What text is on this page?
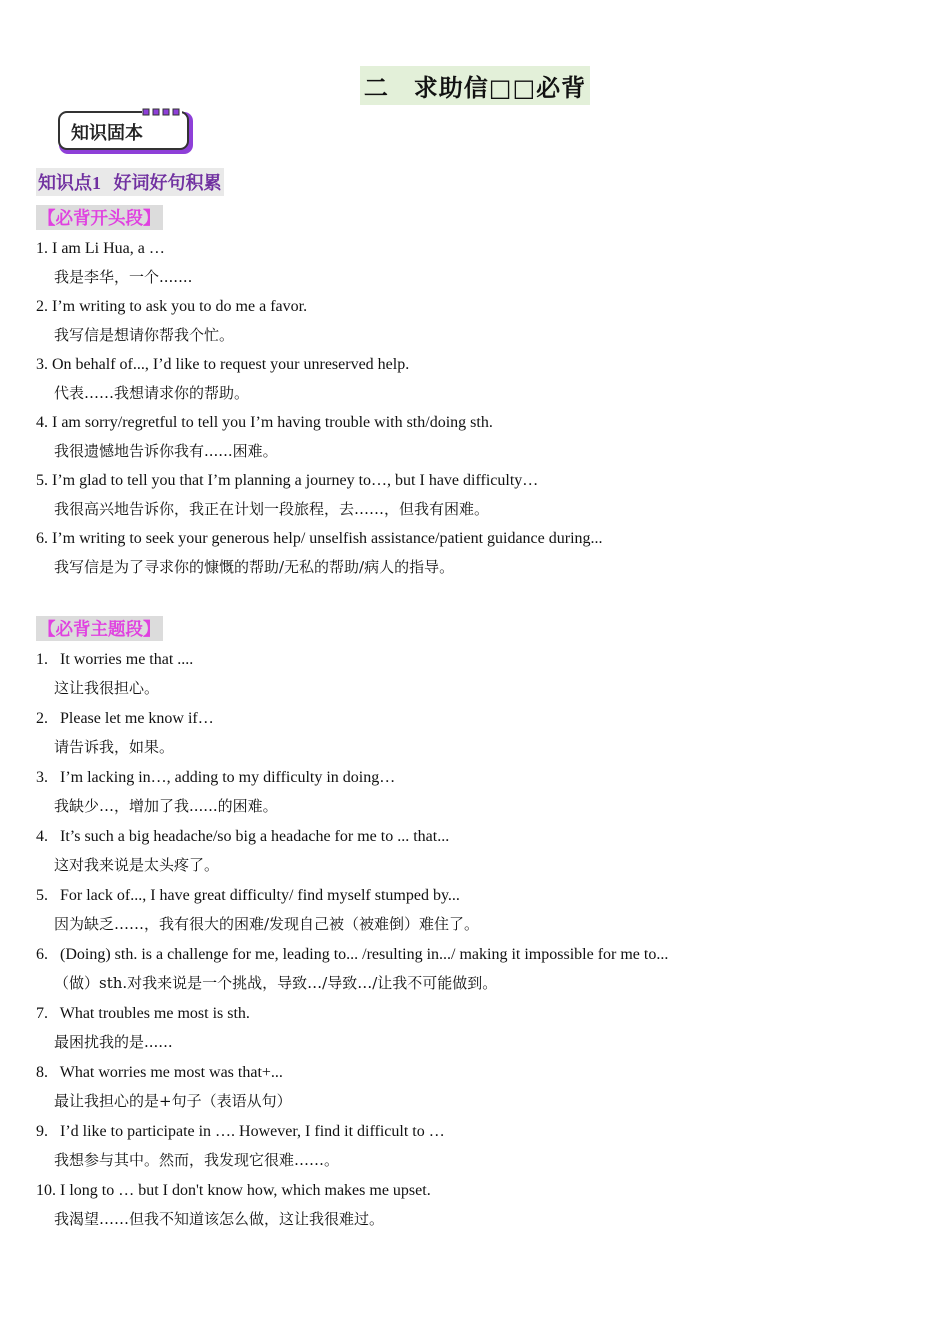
二　求助信□□必背
知识固本
知识点1 好词好句积累
【必背开头段】
1. I am Li Hua, a …
我是李华，一个.......
2. I’m writing to ask you to do me a favor.
我写信是想请你帮我个忙。
3. On behalf of..., I’d like to request your unreserved help.
代表……我想请求你的帮助。
4. I am sorry/regretful to tell you I’m having trouble with sth/doing sth.
我很遗憾地告诉你我有......困难。
5. I’m glad to tell you that I’m planning a journey to…, but I have difficulty…
我很高兴地告诉你，我正在计划一段旅程，去……，但我有困难。
6. I’m writing to seek your generous help/ unselfish assistance/patient guidance during...
我写信是为了寻求你的慷慨的帮助/无私的帮助/病人的指导。
【必背主题段】
1. It worries me that ....
这让我很担心。
2. Please let me know if…
请告诉我，如果。
3. I’m lacking in…, adding to my difficulty in doing…
我缺少…，增加了我......的困难。
4. It’s such a big headache/so big a headache for me to ... that...
这对我来说是太头疼了。
5. For lack of..., I have great difficulty/ find myself stumped by...
因为缺乏……，我有很大的困难/发现自己被（被难倒）难住了。
6. (Doing) sth. is a challenge for me, leading to... /resulting in.../ making it impossible for me to...
（做）sth.对我来说是一个挑战，导致…/导致…/让我不可能做到。
7. What troubles me most is sth.
最困扰我的是......
8. What worries me most was that+...
最让我担心的是+句子（表语从句）
9. I’d like to participate in …. However, I find it difficult to …
我想参与其中。然而，我发现它很难……。
10. I long to … but I don't know how, which makes me upset.
我渴望……但我不知道该怎么做，这让我很难过。
